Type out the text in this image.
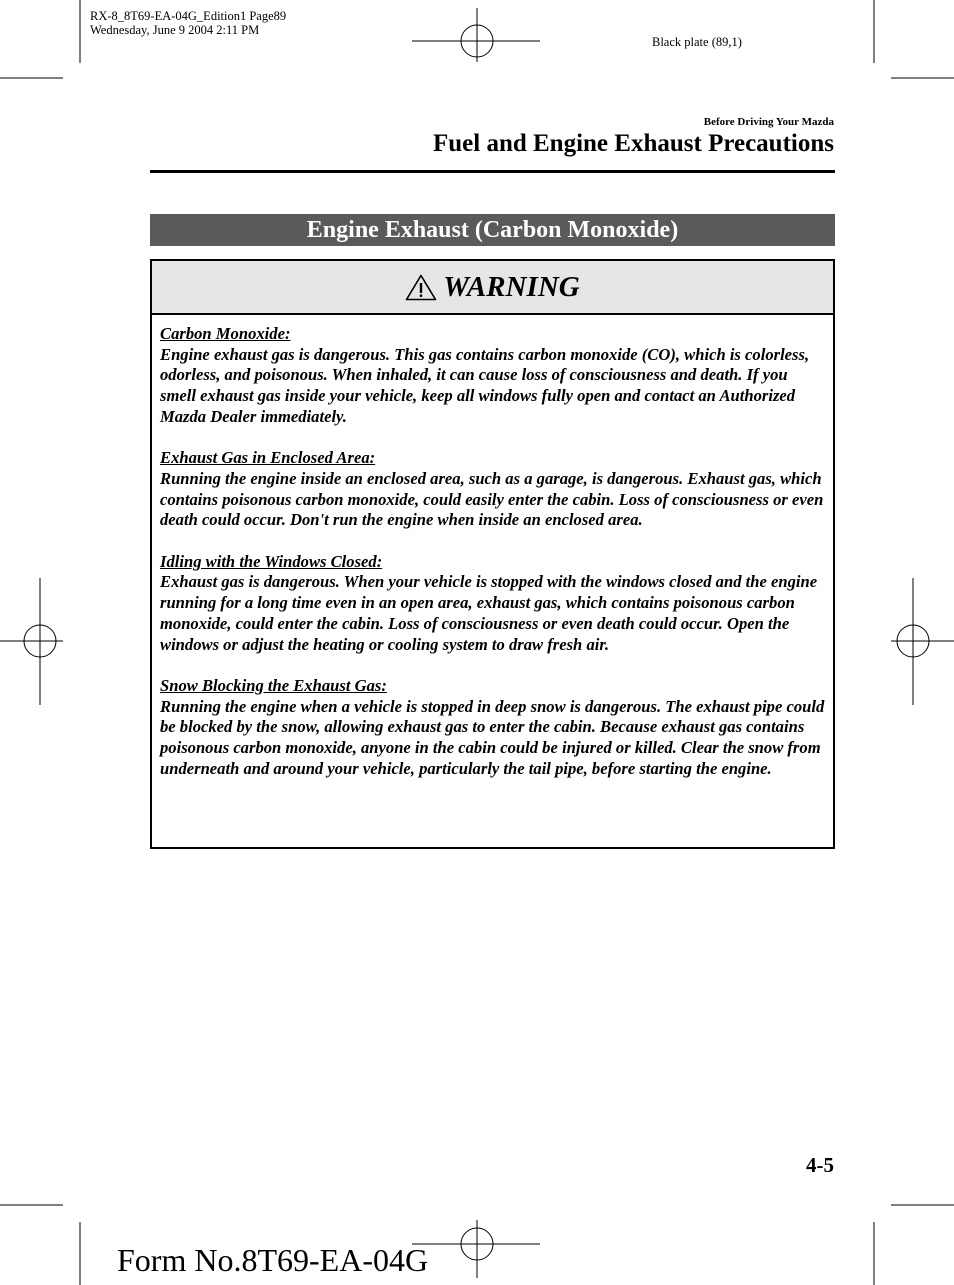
RX-8_8T69-EA-04G_Edition1 Page89
Wednesday, June 9 2004 2:11 PM
Black plate (89,1)
Before Driving Your Mazda
Fuel and Engine Exhaust Precautions
Engine Exhaust (Carbon Monoxide)
WARNING
Carbon Monoxide:
Engine exhaust gas is dangerous. This gas contains carbon monoxide (CO), which is colorless, odorless, and poisonous. When inhaled, it can cause loss of consciousness and death. If you smell exhaust gas inside your vehicle, keep all windows fully open and contact an Authorized Mazda Dealer immediately.
Exhaust Gas in Enclosed Area:
Running the engine inside an enclosed area, such as a garage, is dangerous. Exhaust gas, which contains poisonous carbon monoxide, could easily enter the cabin. Loss of consciousness or even death could occur. Don't run the engine when inside an enclosed area.
Idling with the Windows Closed:
Exhaust gas is dangerous. When your vehicle is stopped with the windows closed and the engine running for a long time even in an open area, exhaust gas, which contains poisonous carbon monoxide, could enter the cabin. Loss of consciousness or even death could occur. Open the windows or adjust the heating or cooling system to draw fresh air.
Snow Blocking the Exhaust Gas:
Running the engine when a vehicle is stopped in deep snow is dangerous. The exhaust pipe could be blocked by the snow, allowing exhaust gas to enter the cabin. Because exhaust gas contains poisonous carbon monoxide, anyone in the cabin could be injured or killed. Clear the snow from underneath and around your vehicle, particularly the tail pipe, before starting the engine.
4-5
Form No.8T69-EA-04G
